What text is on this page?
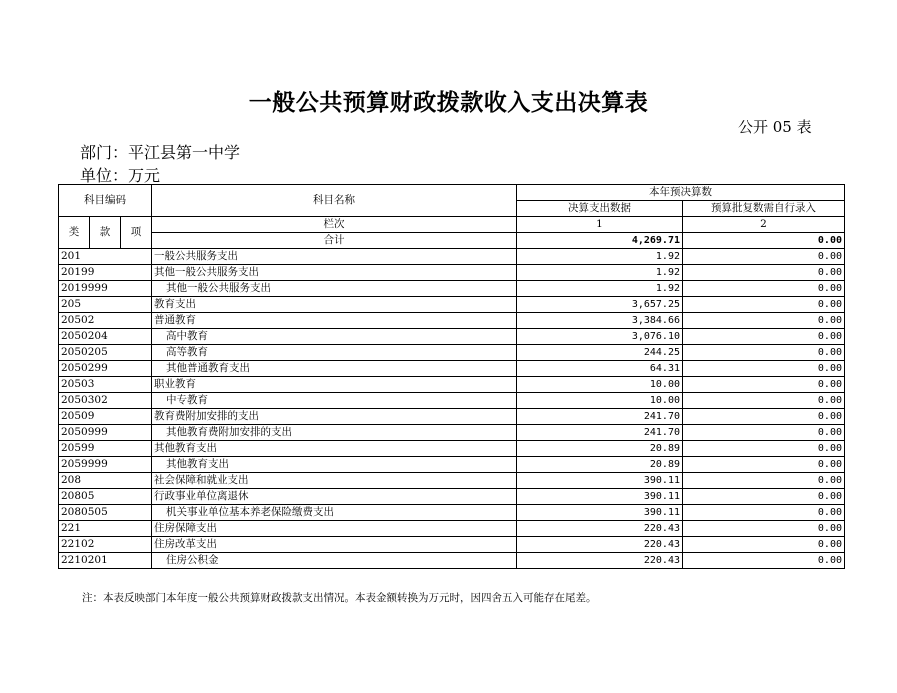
一般公共预算财政拨款收入支出决算表
公开 05 表
部门：平江县第一中学
单位：万元
科目编码			科目名称	本年预决算数	
				决算支出数据	预算批复数需自行录入
类	款	项	栏次	1	2
			合计	4,269.71	0.00
201			一般公共服务支出	1.92	0.00
20199			其他一般公共服务支出	1.92	0.00
2019999			其他一般公共服务支出	1.92	0.00
205			教育支出	3,657.25	0.00
20502			普通教育	3,384.66	0.00
2050204			高中教育	3,076.10	0.00
2050205			高等教育	244.25	0.00
2050299			其他普通教育支出	64.31	0.00
20503			职业教育	10.00	0.00
2050302			中专教育	10.00	0.00
20509			教育费附加安排的支出	241.70	0.00
2050999			其他教育费附加安排的支出	241.70	0.00
20599			其他教育支出	20.89	0.00
2059999			其他教育支出	20.89	0.00
208			社会保障和就业支出	390.11	0.00
20805			行政事业单位离退休	390.11	0.00
2080505			机关事业单位基本养老保险缴费支出	390.11	0.00
221			住房保障支出	220.43	0.00
22102			住房改革支出	220.43	0.00
2210201			住房公积金	220.43	0.00
注：本表反映部门本年度一般公共预算财政拨款支出情况。本表金额转换为万元时，因四舍五入可能存在尾差。
